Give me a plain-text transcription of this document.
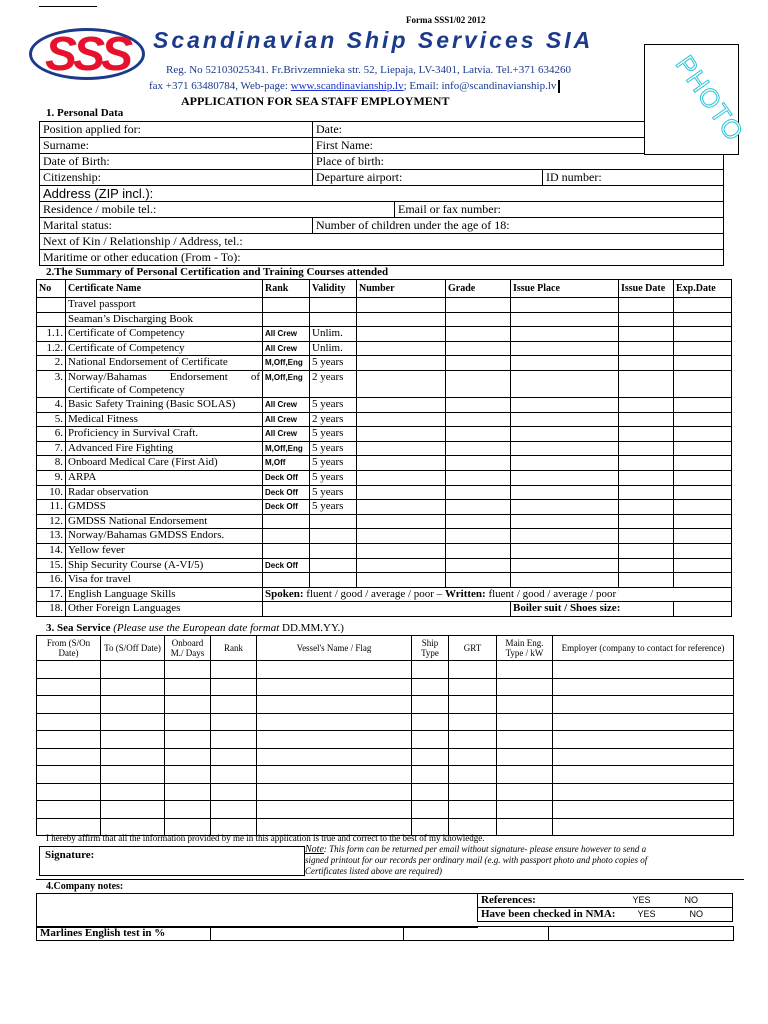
Forma SSS1/02 2012
SSS Scandinavian Ship Services SIA
Reg. No 52103025341. Fr.Brivzemnieka str. 52, Liepaja, LV-3401, Latvia. Tel.+371 634260
fax +371 63480784, Web-page: www.scandinavianship.lv; Email: info@scandinavianship.lv
APPLICATION FOR SEA STAFF EMPLOYMENT	PHOTO
1. Personal Data
Position applied for:	Date:		
Surname:	First Name:		
Date of Birth:	Place of birth:		
Citizenship:	Departure airport:		ID number:
Address (ZIP incl.):			
Residence / mobile tel.:		Email or fax number:	
Marital status:	Number of children under the age of 18:		
Next of Kin / Relationship / Address, tel.:			
Maritime or other education (From - To):			
2.The Summary of Personal Certification and Training Courses attended
No	Certificate Name	Rank	Validity	Number	Grade	Issue Place	Issue Date	Exp.Date
	Travel passport							
	Seaman’s Discharging Book							
1.1.	Certificate of Competency	All Crew	Unlim.					
1.2.	Certificate of Competency	All Crew	Unlim.					
2.	National Endorsement of Certificate	M,Off,Eng	5 years					
3.	Norway/Bahamas Endorsement of
Certificate of Competency	M,Off,Eng	2 years					
4.	Basic Safety Training (Basic SOLAS)	All Crew	5 years					
5.	Medical Fitness	All Crew	2 years					
6.	Proficiency in Survival Craft.	All Crew	5 years					
7.	Advanced Fire Fighting	M,Off,Eng	5 years					
8.	Onboard Medical Care (First Aid)	M,Off	5 years					
9.	ARPA	Deck Off	5 years					
10.	Radar observation	Deck Off	5 years					
11.	GMDSS	Deck Off	5 years					
12.	GMDSS National Endorsement							
13.	Norway/Bahamas GMDSS Endors.							
14.	Yellow fever							
15.	Ship Security Course (A-VI/5)	Deck Off						
16.	Visa for travel							
17.	English Language Skills	Spoken: fluent / good / average / poor – Written: fluent / good / average / poor						
18.	Other Foreign Languages					Boiler suit / Shoes size:		
3. Sea Service (Please use the European date format DD.MM.YY.)
From (S/On Date)	To (S/Off Date)	Onboard M./ Days	Rank	Vessel's Name / Flag	Ship Type	GRT	Main Eng. Type / kW	Employer (company to contact for reference)

I hereby affirm that all the information provided by me in this application is true and correct to the best of my knowledge.
Signature:	Note: This form can be returned per email without signature- please ensure however to send a
signed printout for our records per ordinary mail (e.g. with passport photo and photo copies of
Certificates listed above are required)
4.Company notes:
References:	YES	NO

Have been checked in NMA: YES	NO
Marlines English test in %			
